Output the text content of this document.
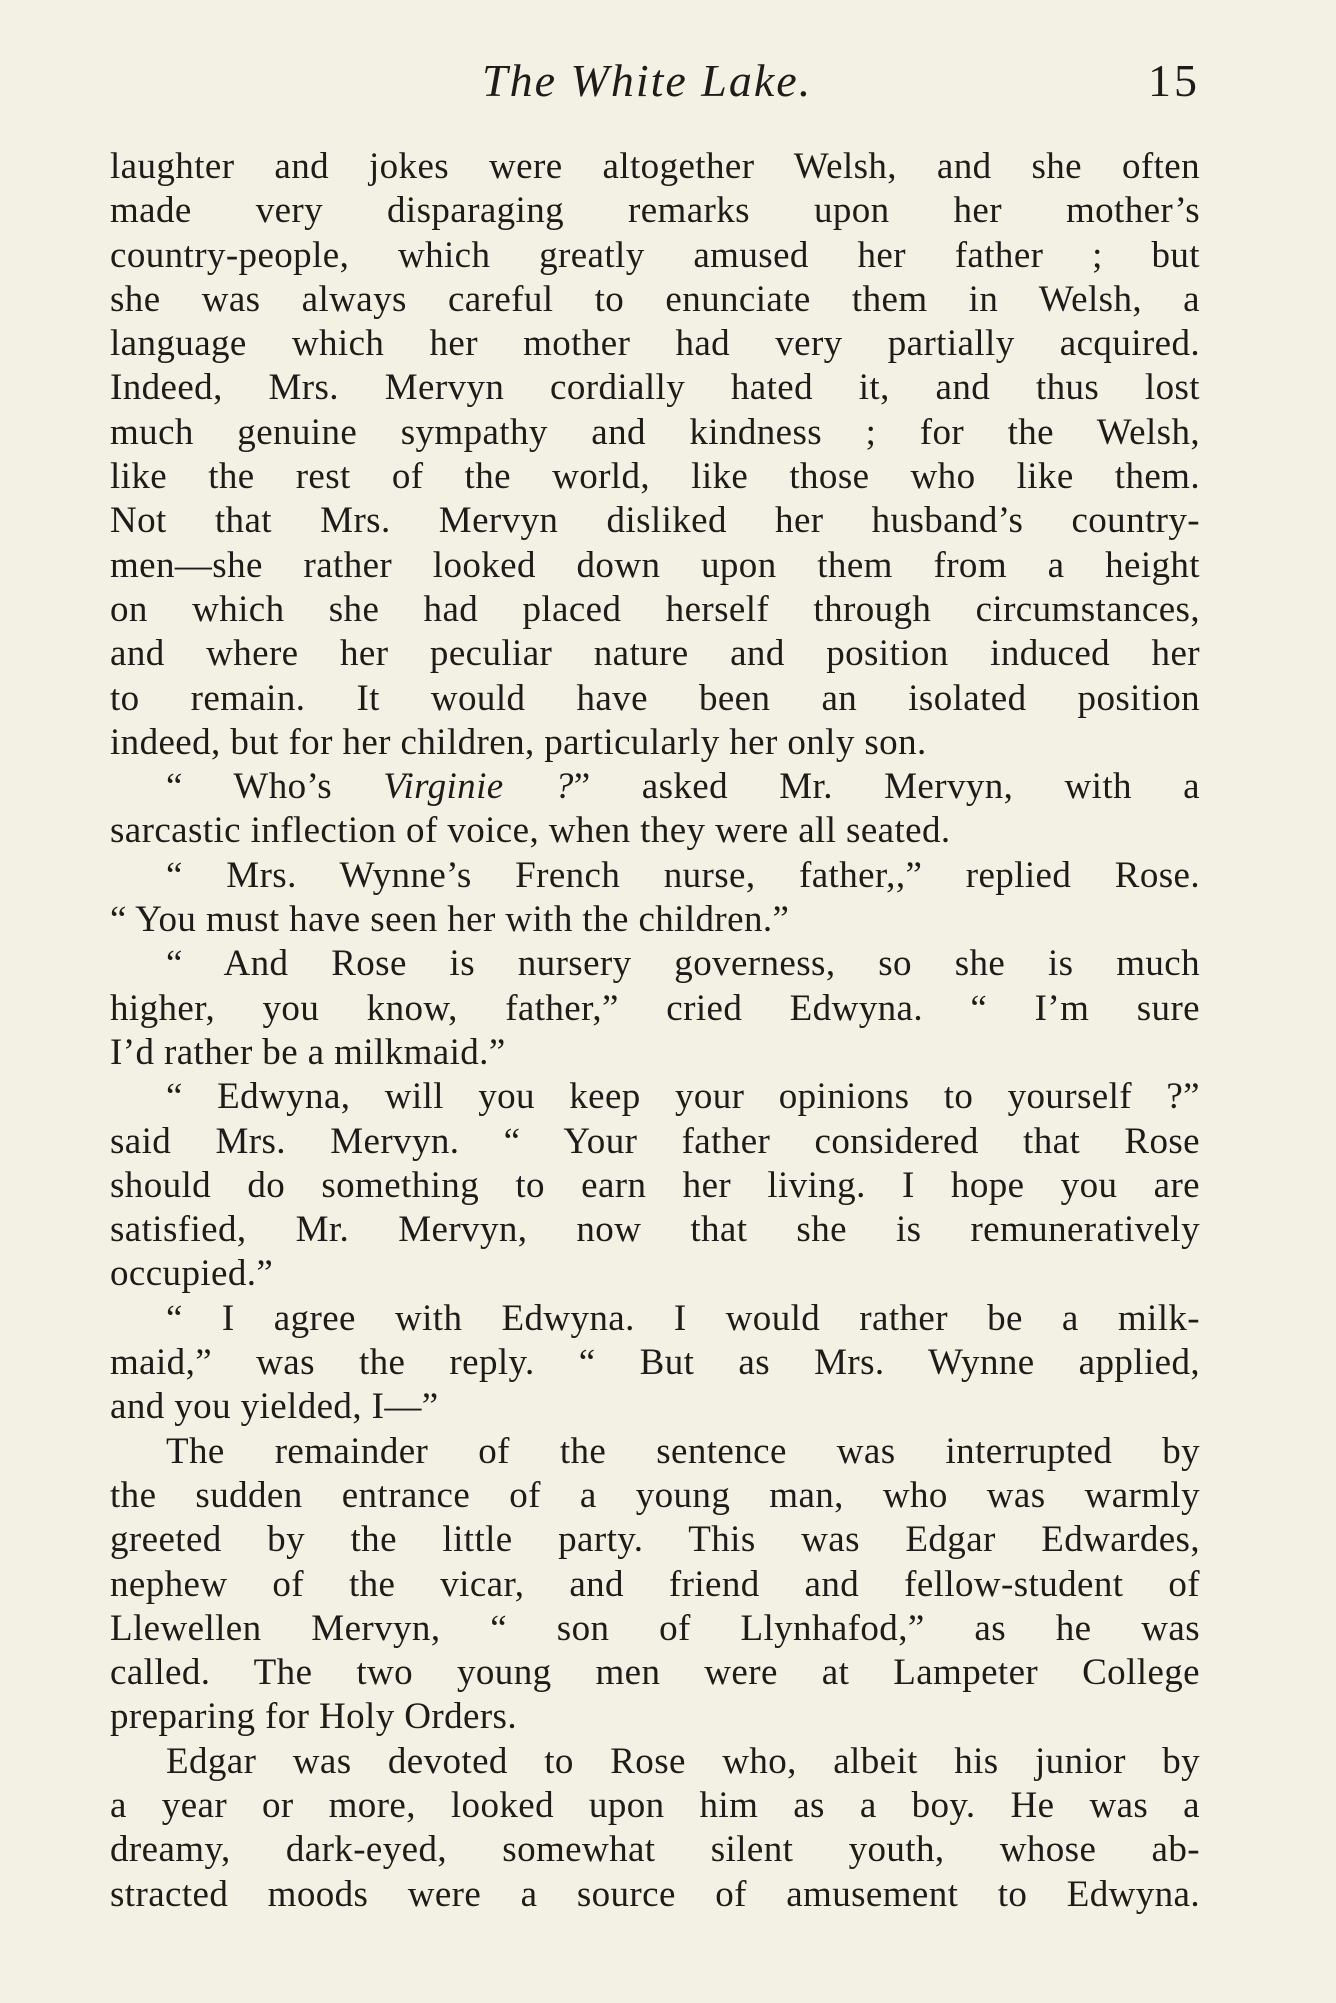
The White Lake.	15
laughter and jokes were altogether Welsh, and she often
made very disparaging remarks upon her mother’s
country-people, which greatly amused her father ; but
she was always careful to enunciate them in Welsh, a
language which her mother had very partially acquired.
Indeed, Mrs. Mervyn cordially hated it, and thus lost
much genuine sympathy and kindness ; for the Welsh,
like the rest of the world, like those who like them.
Not that Mrs. Mervyn disliked her husband’s country-
men—she rather looked down upon them from a height
on which she had placed herself through circumstances,
and where her peculiar nature and position induced her
to remain. It would have been an isolated position
indeed, but for her children, particularly her only son.
“ Who’s Virginie ?” asked Mr. Mervyn, with a
sarcastic inflection of voice, when they were all seated.
“ Mrs. Wynne’s French nurse, father,,” replied Rose.
“ You must have seen her with the children.”
“ And Rose is nursery governess, so she is much
higher, you know, father,” cried Edwyna. “ I’m sure
I’d rather be a milkmaid.”
“ Edwyna, will you keep your opinions to yourself ?”
said Mrs. Mervyn. “ Your father considered that Rose
should do something to earn her living. I hope you are
satisfied, Mr. Mervyn, now that she is remuneratively
occupied.”
“ I agree with Edwyna. I would rather be a milk-
maid,” was the reply. “ But as Mrs. Wynne applied,
and you yielded, I—”
The remainder of the sentence was interrupted by
the sudden entrance of a young man, who was warmly
greeted by the little party. This was Edgar Edwardes,
nephew of the vicar, and friend and fellow-student of
Llewellen Mervyn, “ son of Llynhafod,” as he was
called. The two young men were at Lampeter College
preparing for Holy Orders.
Edgar was devoted to Rose who, albeit his junior by
a year or more, looked upon him as a boy. He was a
dreamy, dark-eyed, somewhat silent youth, whose ab-
stracted moods were a source of amusement to Edwyna.
